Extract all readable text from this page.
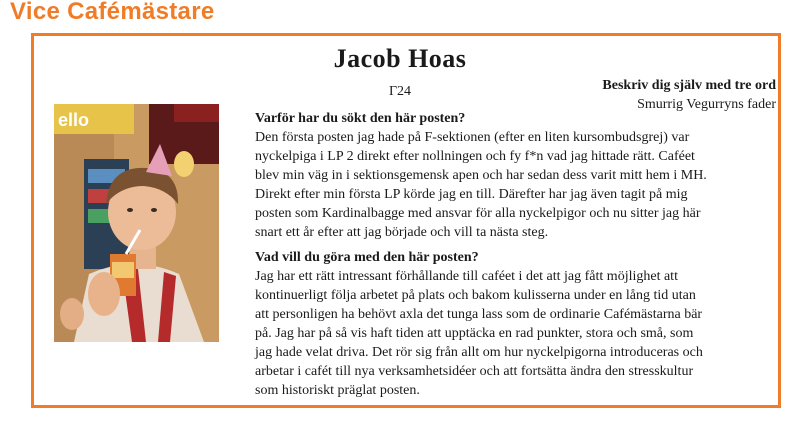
Vice Cafémästare
Jacob Hoas
Γ24	Beskriv dig själv med tre ord
Smurrig Vegurryns fader
ello	Varför har du sökt den här posten?

Den första posten jag hade på F-sektionen (efter en liten kursombudsgrej) var

nyckelpiga i LP 2 direkt efter nollningen och fy f*n vad jag hittade rätt. Caféet

blev min väg in i sektionsgemensk apen och har sedan dess varit mitt hem i MH.

Direkt efter min första LP körde jag en till. Därefter har jag även tagit på mig

posten som Kardinalbagge med ansvar för alla nyckelpigor och nu sitter jag här

snart ett år efter att jag började och vill ta nästa steg.

Vad vill du göra med den här posten?

Jag har ett rätt intressant förhållande till caféet i det att jag fått möjlighet att

kontinuerligt följa arbetet på plats och bakom kulisserna under en lång tid utan

att personligen ha behövt axla det tunga lass som de ordinarie Cafémästarna bär

på. Jag har på så vis haft tiden att upptäcka en rad punkter, stora och små, som

jag hade velat driva. Det rör sig från allt om hur nyckelpigorna introduceras och

arbetar i cafét till nya verksamhetsidéer och att fortsätta ändra den stresskultur

som historiskt präglat posten.
